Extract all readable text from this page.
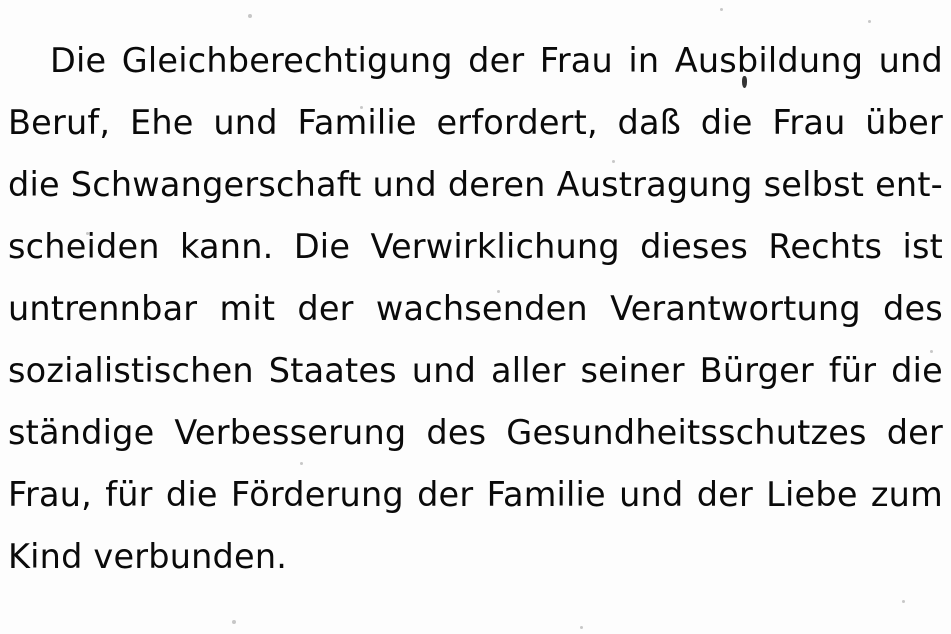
Die Gleichberechtigung der Frau in Ausbildung und
Beruf, Ehe und Familie erfordert, daß die Frau über
die Schwangerschaft und deren Austragung selbst ent-
scheiden kann. Die Verwirklichung dieses Rechts ist
untrennbar mit der wachsenden Verantwortung des
sozialistischen Staates und aller seiner Bürger für die
ständige Verbesserung des Gesundheitsschutzes der
Frau, für die Förderung der Familie und der Liebe zum
Kind verbunden.
